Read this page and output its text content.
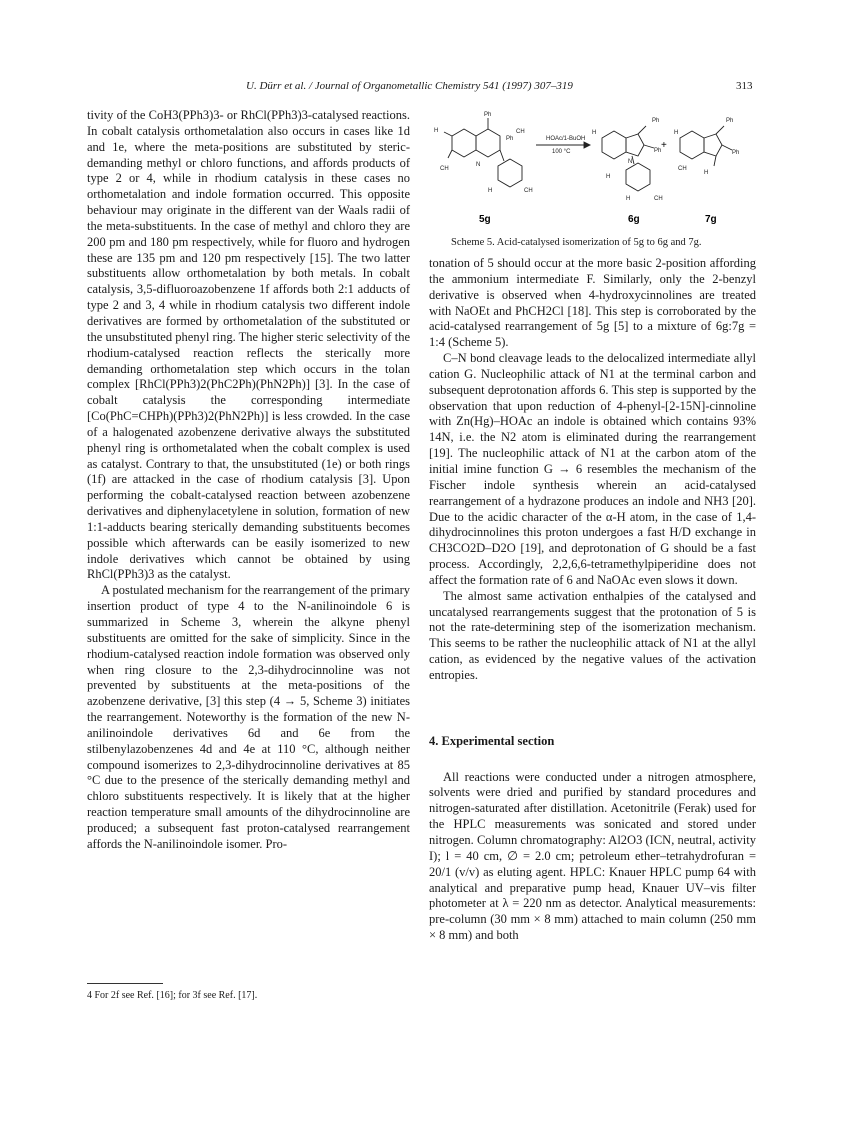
U. Dürr et al. / Journal of Organometallic Chemistry 541 (1997) 307–319	313

tivity of the CoH3(PPh3)3- or RhCl(PPh3)3-catalysed reactions. In cobalt catalysis orthometalation also occurs in cases like 1d and 1e, where the meta-positions are substituted by steric-demanding methyl or chloro functions, and affords products of type 2 or 4, while in rhodium catalysis in these cases no orthometalation and indole formation occurred. This opposite behaviour may originate in the different van der Waals radii of the meta-substituents. In the case of methyl and chloro they are 200 pm and 180 pm respectively, while for fluoro and hydrogen these are 135 pm and 120 pm respectively [15]. The two latter substituents allow orthometalation by both metals. In cobalt catalysis, 3,5-difluoroazobenzene 1f affords both 2:1 adducts of type 2 and 3, 4 while in rhodium catalysis two different indole derivatives are formed by orthometalation of the substituted or the unsubstituted phenyl ring. The higher steric selectivity of the rhodium-catalysed reaction reflects the sterically more demanding orthometalation step which occurs in the tolan complex [RhCl(PPh3)2(PhC2Ph)(PhN2Ph)] [3]. In the case of cobalt catalysis the corresponding intermediate [Co(PhC=CHPh)(PPh3)2(PhN2Ph)] is less crowded. In the case of a halogenated azobenzene derivative always the substituted phenyl ring is orthometalated when the cobalt complex is used as catalyst. Contrary to that, the unsubstituted (1e) or both rings (1f) are attacked in the case of rhodium catalysis [3]. Upon performing the cobalt-catalysed reaction between azobenzene derivatives and diphenylacetylene in solution, formation of new 1:1-adducts bearing sterically demanding substituents becomes possible which afterwards can be easily isomerized to new indole derivatives which cannot be obtained by using RhCl(PPh3)3 as the catalyst.

A postulated mechanism for the rearrangement of the primary insertion product of type 4 to the N-anilinoindole 6 is summarized in Scheme 3, wherein the alkyne phenyl substituents are omitted for the sake of simplicity. Since in the rhodium-catalysed reaction indole formation was observed only when ring closure to the 2,3-dihydrocinnoline was not prevented by substituents at the meta-positions of the azobenzene derivative, [3] this step (4 → 5, Scheme 3) initiates the rearrangement. Noteworthy is the formation of the new N-anilinoindole derivatives 6d and 6e from the stilbenylazobenzenes 4d and 4e at 110 °C, although neither compound isomerizes to 2,3-dihydrocinnoline derivatives at 85 °C due to the presence of the sterically demanding methyl and chloro substituents respectively. It is likely that at the higher reaction temperature small amounts of the dihydrocinnoline are produced; a subsequent fast proton-catalysed rearrangement affords the N-anilinoindole isomer. Pro-

Ph
Ph
CH
H
CH
N
CH
H
HOAc/1-BuOH
100 °C
H
Ph
Ph
N
H
H	CH
H
Ph
Ph
CH
H
+
5g	6g	7g
Scheme 5. Acid-catalysed isomerization of 5g to 6g and 7g.

tonation of 5 should occur at the more basic 2-position affording the ammonium intermediate F. Similarly, only the 2-benzyl derivative is observed when 4-hydroxycinnolines are treated with NaOEt and PhCH2Cl [18]. This step is corroborated by the acid-catalysed rearrangement of 5g [5] to a mixture of 6g:7g = 1:4 (Scheme 5).

C–N bond cleavage leads to the delocalized intermediate allyl cation G. Nucleophilic attack of N1 at the terminal carbon and subsequent deprotonation affords 6. This step is supported by the observation that upon reduction of 4-phenyl-[2-15N]-cinnoline with Zn(Hg)–HOAc an indole is obtained which contains 93% 14N, i.e. the N2 atom is eliminated during the rearrangement [19]. The nucleophilic attack of N1 at the carbon atom of the initial imine function G → 6 resembles the mechanism of the Fischer indole synthesis wherein an acid-catalysed rearrangement of a hydrazone produces an indole and NH3 [20]. Due to the acidic character of the α-H atom, in the case of 1,4-dihydrocinnolines this proton undergoes a fast H/D exchange in CH3CO2D–D2O [19], and deprotonation of G should be a fast process. Accordingly, 2,2,6,6-tetramethylpiperidine does not affect the formation rate of 6 and NaOAc even slows it down.

The almost same activation enthalpies of the catalysed and uncatalysed rearrangements suggest that the protonation of 5 is not the rate-determining step of the isomerization mechanism. This seems to be rather the nucleophilic attack of N1 at the allyl cation, as evidenced by the negative values of the activation entropies.

4. Experimental section

All reactions were conducted under a nitrogen atmosphere, solvents were dried and purified by standard procedures and nitrogen-saturated after distillation. Acetonitrile (Ferak) used for the HPLC measurements was sonicated and stored under nitrogen. Column chromatography: Al2O3 (ICN, neutral, activity I); l = 40 cm, ∅ = 2.0 cm; petroleum ether–tetrahydrofuran = 20/1 (v/v) as eluting agent. HPLC: Knauer HPLC pump 64 with analytical and preparative pump head, Knauer UV–vis filter photometer at λ = 220 nm as detector. Analytical measurements: pre-column (30 mm × 8 mm) attached to main column (250 mm × 8 mm) and both

4 For 2f see Ref. [16]; for 3f see Ref. [17].
